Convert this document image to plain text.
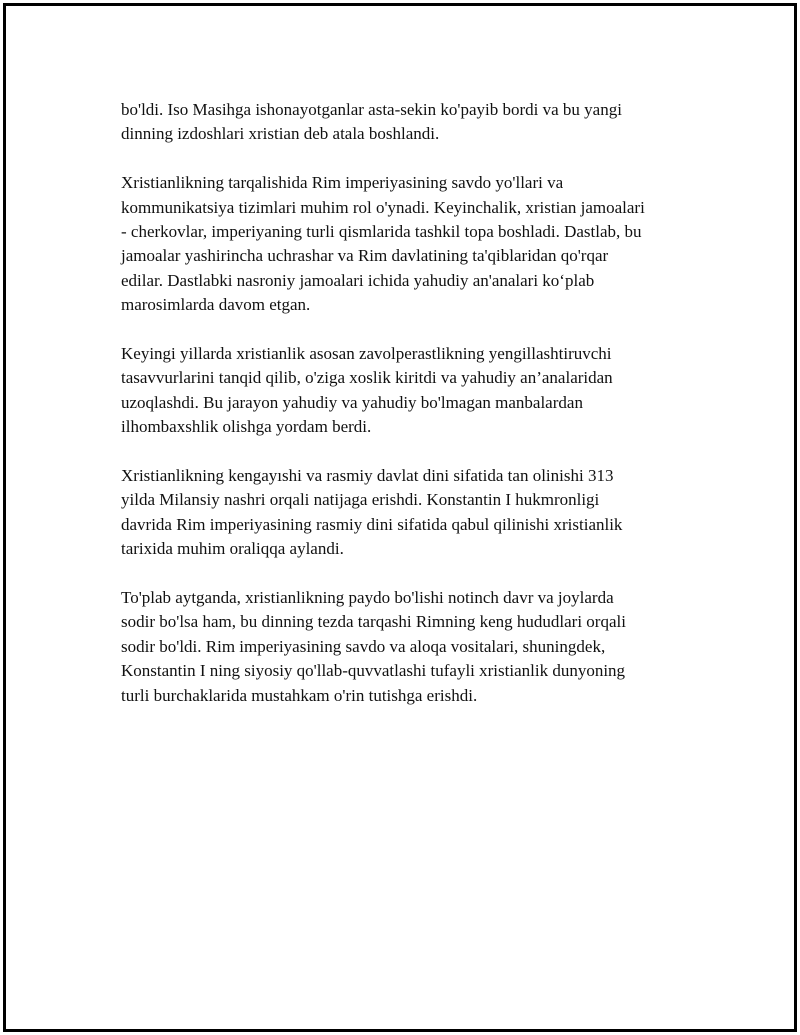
bo'ldi. Iso Masihga ishonayotganlar asta-sekin ko'payib bordi va bu yangi
dinning izdoshlari xristian deb atala boshlandi.

Xristianlikning tarqalishida Rim imperiyasining savdo yo'llari va
kommunikatsiya tizimlari muhim rol o'ynadi. Keyinchalik, xristian jamoalari
- cherkovlar, imperiyaning turli qismlarida tashkil topa boshladi. Dastlab, bu
jamoalar yashirincha uchrashar va Rim davlatining ta'qiblaridan qo'rqar
edilar. Dastlabki nasroniy jamoalari ichida yahudiy an'analari koʻplab
marosimlarda davom etgan.

Keyingi yillarda xristianlik asosan zavolperastlikning yengillashtiruvchi
tasavvurlarini tanqid qilib, o'ziga xoslik kiritdi va yahudiy an’analaridan
uzoqlashdi. Bu jarayon yahudiy va yahudiy bo'lmagan manbalardan
ilhombaxshlik olishga yordam berdi.

Xristianlikning kengayıshi va rasmiy davlat dini sifatida tan olinishi 313
yilda Milansiy nashri orqali natijaga erishdi. Konstantin I hukmronligi
davrida Rim imperiyasining rasmiy dini sifatida qabul qilinishi xristianlik
tarixida muhim oraliqqa aylandi.

To'plab aytganda, xristianlikning paydo bo'lishi notinch davr va joylarda
sodir bo'lsa ham, bu dinning tezda tarqashi Rimning keng hududlari orqali
sodir bo'ldi. Rim imperiyasining savdo va aloqa vositalari, shuningdek,
Konstantin I ning siyosiy qo'llab-quvvatlashi tufayli xristianlik dunyoning
turli burchaklarida mustahkam o'rin tutishga erishdi.
